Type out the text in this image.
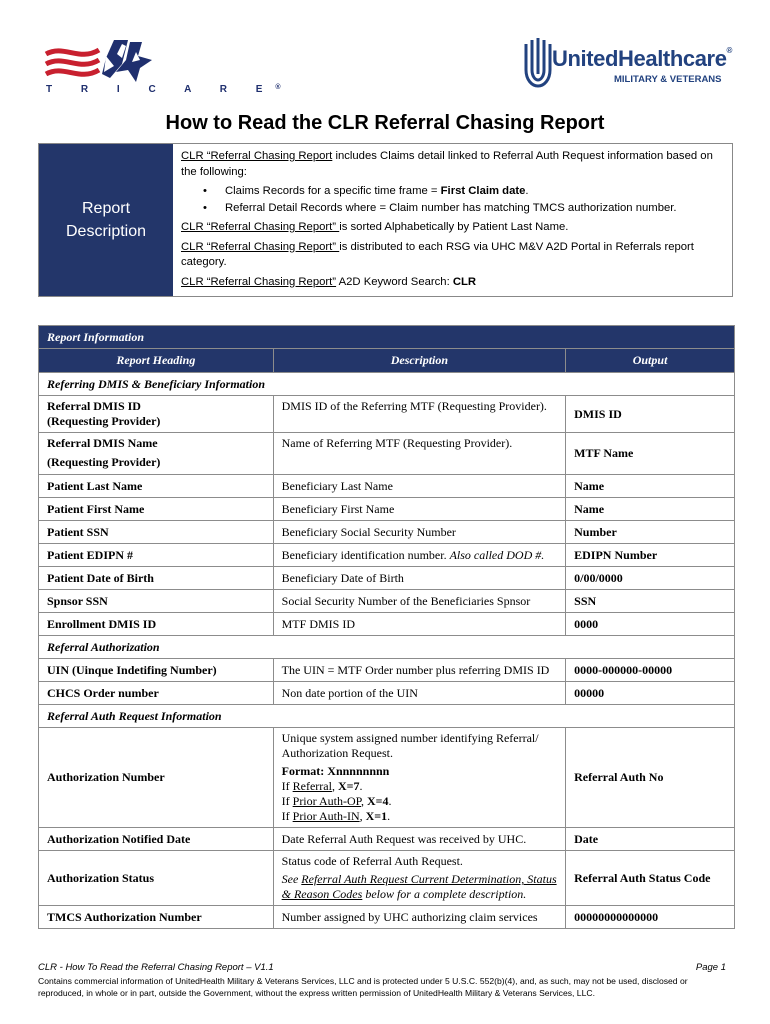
T R I C A R E®
UnitedHealthcare®
MILITARY & VETERANS
How to Read the CLR Referral Chasing Report
Report
Description

CLR “Referral Chasing Report includes Claims detail linked to Referral Auth Request information based on the following:

• Claims Records for a specific time frame = First Claim date.
• Referral Detail Records where = Claim number has matching TMCS authorization number.

CLR “Referral Chasing Report” is sorted Alphabetically by Patient Last Name.

CLR “Referral Chasing Report” is distributed to each RSG via UHC M&V A2D Portal in Referrals report category.

CLR “Referral Chasing Report” A2D Keyword Search: CLR

Report Information		
Report Heading	Description	Output
Referring DMIS & Beneficiary Information		

Referral DMIS ID
(Requesting Provider)	DMIS ID of the Referring MTF (Requesting Provider).	DMIS ID

Referral DMIS Name
(Requesting Provider)	Name of Referring MTF (Requesting Provider).	MTF Name
Patient Last Name	Beneficiary Last Name	Name
Patient First Name	Beneficiary First Name	Name
Patient SSN	Beneficiary Social Security Number	Number
Patient EDIPN #	Beneficiary identification number. Also called DOD #.	EDIPN Number
Patient Date of Birth	Beneficiary Date of Birth	0/00/0000
Spnsor SSN	Social Security Number of the Beneficiaries Spnsor	SSN
Enrollment DMIS ID	MTF DMIS ID	0000
Referral Authorization		
UIN (Uinque Indetifing Number)	The UIN = MTF Order number plus referring DMIS ID	0000-000000-00000
CHCS Order number	Non date portion of the UIN	00000
Referral Auth Request Information		
Authorization Number	Unique system assigned number identifying Referral/ Authorization Request.
Format: Xnnnnnnnn
If Referral, X=7.
If Prior Auth-OP, X=4.
If Prior Auth-IN, X=1.	Referral Auth No
Authorization Notified Date	Date Referral Auth Request was received by UHC.	Date
Authorization Status	Status code of Referral Auth Request.
See Referral Auth Request Current Determination, Status & Reason Codes below for a complete description.	Referral Auth Status Code
TMCS Authorization Number	Number assigned by UHC authorizing claim services	00000000000000
CLR - How To Read the Referral Chasing Report – V1.1	Page 1
Contains commercial information of UnitedHealth Military & Veterans Services, LLC and is protected under 5 U.S.C. 552(b)(4), and, as such, may not be used, disclosed or reproduced, in whole or in part, outside the Government, without the express written permission of UnitedHealth Military & Veterans Services, LLC.
